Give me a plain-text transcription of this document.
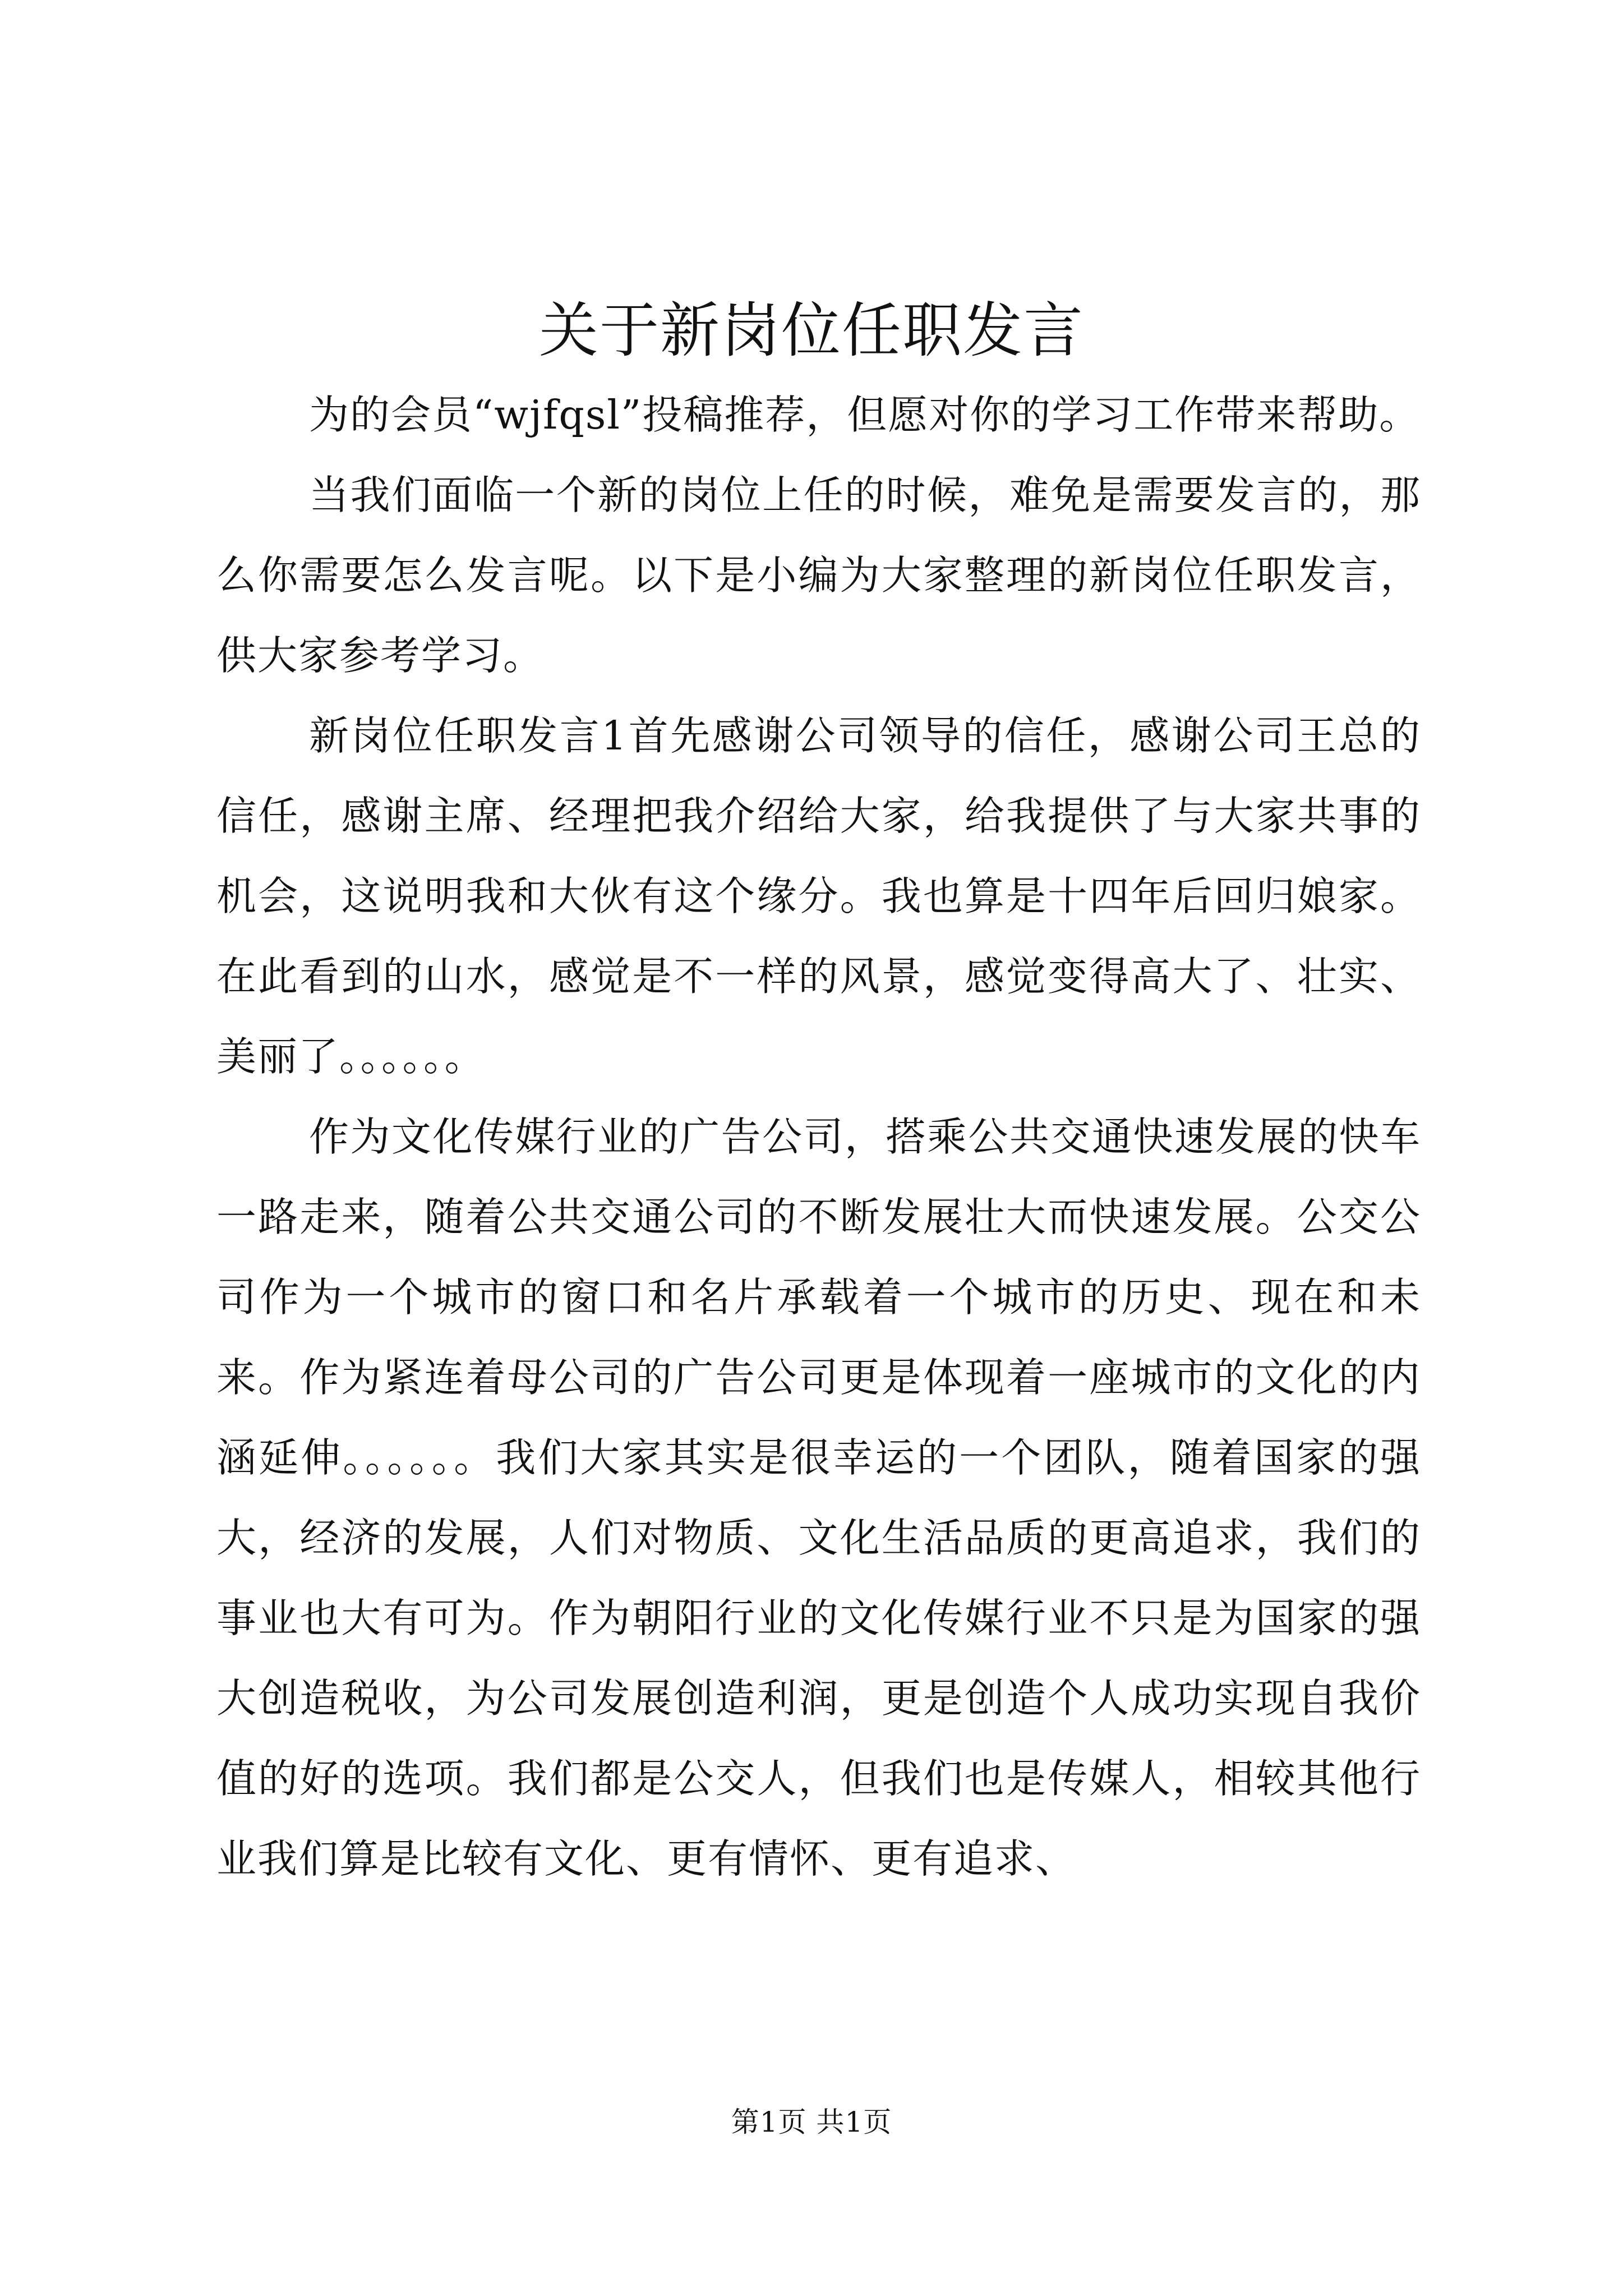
关于新岗位任职发言

为的会员“wjfqsl”投稿推荐，但愿对你的学习工作带来帮助。

当我们面临一个新的岗位上任的时候，难免是需要发言的，那么你需要怎么发言呢。以下是小编为大家整理的新岗位任职发言，供大家参考学习。

新岗位任职发言1首先感谢公司领导的信任，感谢公司王总的信任，感谢主席、经理把我介绍给大家，给我提供了与大家共事的机会，这说明我和大伙有这个缘分。我也算是十四年后回归娘家。在此看到的山水，感觉是不一样的风景，感觉变得高大了、壮实、美丽了。。。。。。

作为文化传媒行业的广告公司，搭乘公共交通快速发展的快车一路走来，随着公共交通公司的不断发展壮大而快速发展。公交公司作为一个城市的窗口和名片承载着一个城市的历史、现在和未来。作为紧连着母公司的广告公司更是体现着一座城市的文化的内涵延伸。。。。。。我们大家其实是很幸运的一个团队，随着国家的强大，经济的发展，人们对物质、文化生活品质的更高追求，我们的事业也大有可为。作为朝阳行业的文化传媒行业不只是为国家的强大创造税收，为公司发展创造利润，更是创造个人成功实现自我价值的好的选项。我们都是公交人，但我们也是传媒人，相较其他行业我们算是比较有文化、更有情怀、更有追求、

第1页 共1页
